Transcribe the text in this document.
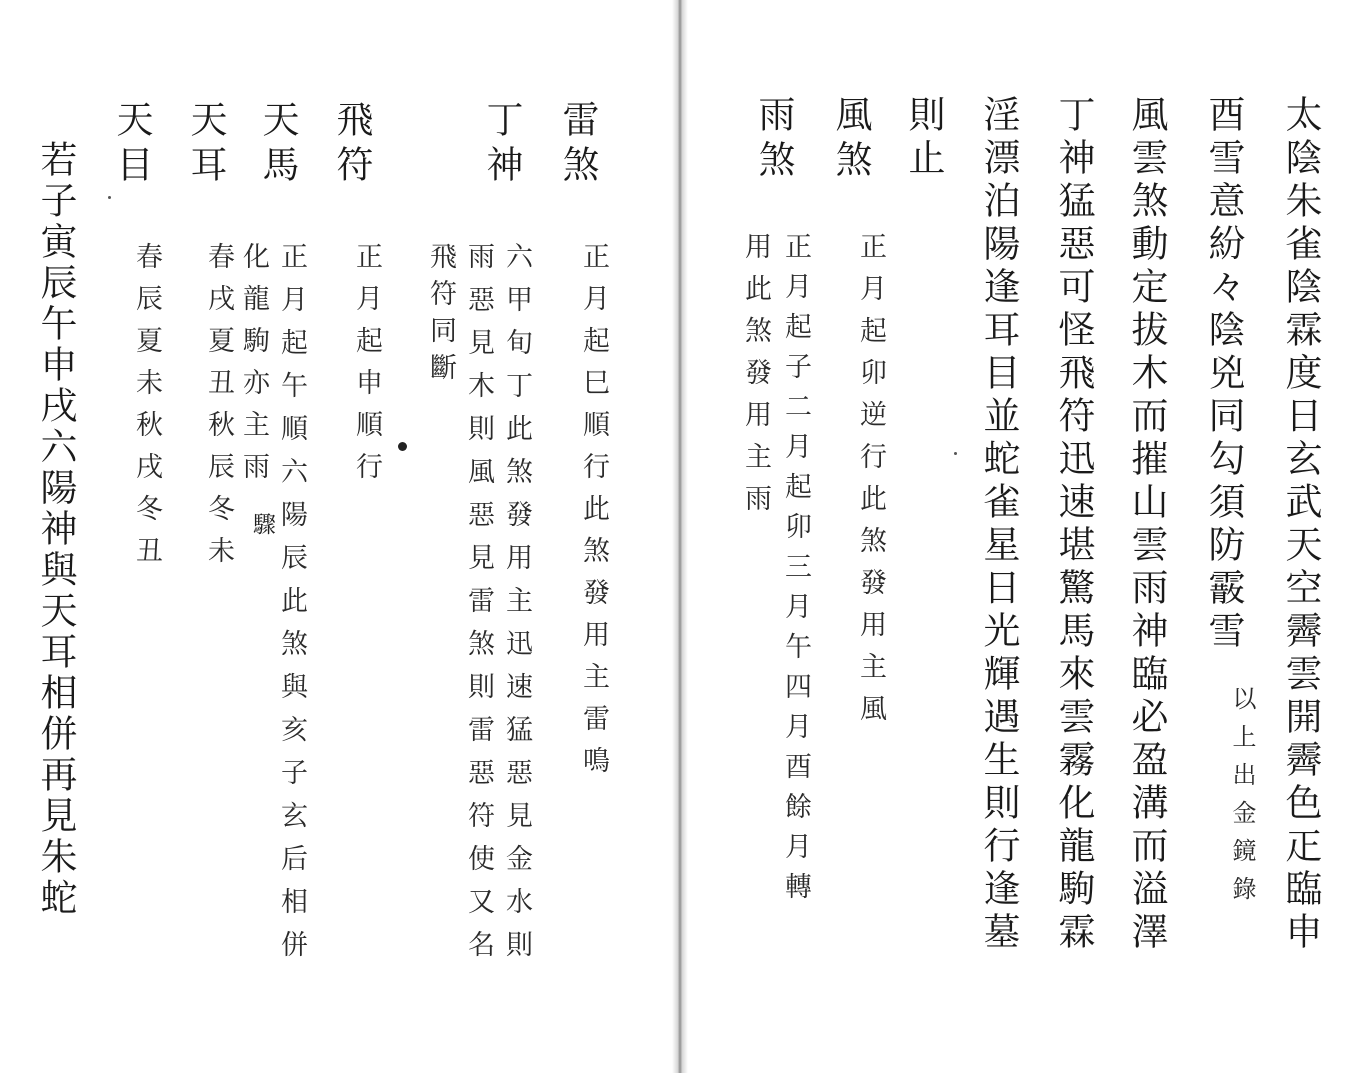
太陰朱雀陰霖度日玄武天空霽雲開霽色𤴓臨申
酉雪意紛々陰兇同勾須防霰雪
以上出金鏡錄
風雲煞動定拔木而摧山雲雨神臨必盈溝而溢澤
丁神猛惡可怪飛符迅速堪驚馬來雲霧化龍駒霖
淫漂泊陽逢耳目並蛇雀星日光輝遇生則行逢墓
則止
風煞
正月起卯逆行此煞發用主風
雨煞
正月起子二月起卯三月午四月酉餘月轉
用此煞發用主雨
雷煞
正月起巳順行此煞發用主雷鳴
丁神
六甲旬丁此煞發用主迅速猛惡見金水則
雨惡見木則風惡見雷煞則雷惡符使又名
飛符同斷
飛符
正月起申順行
天馬
正月起午順六陽辰此煞與亥子玄后相併
化龍駒亦主雨
驟
天耳
春戌夏丑秋辰冬未
天目
春辰夏未秋戌冬丑
若子寅辰午申戌六陽神與天耳相併再見朱蛇
